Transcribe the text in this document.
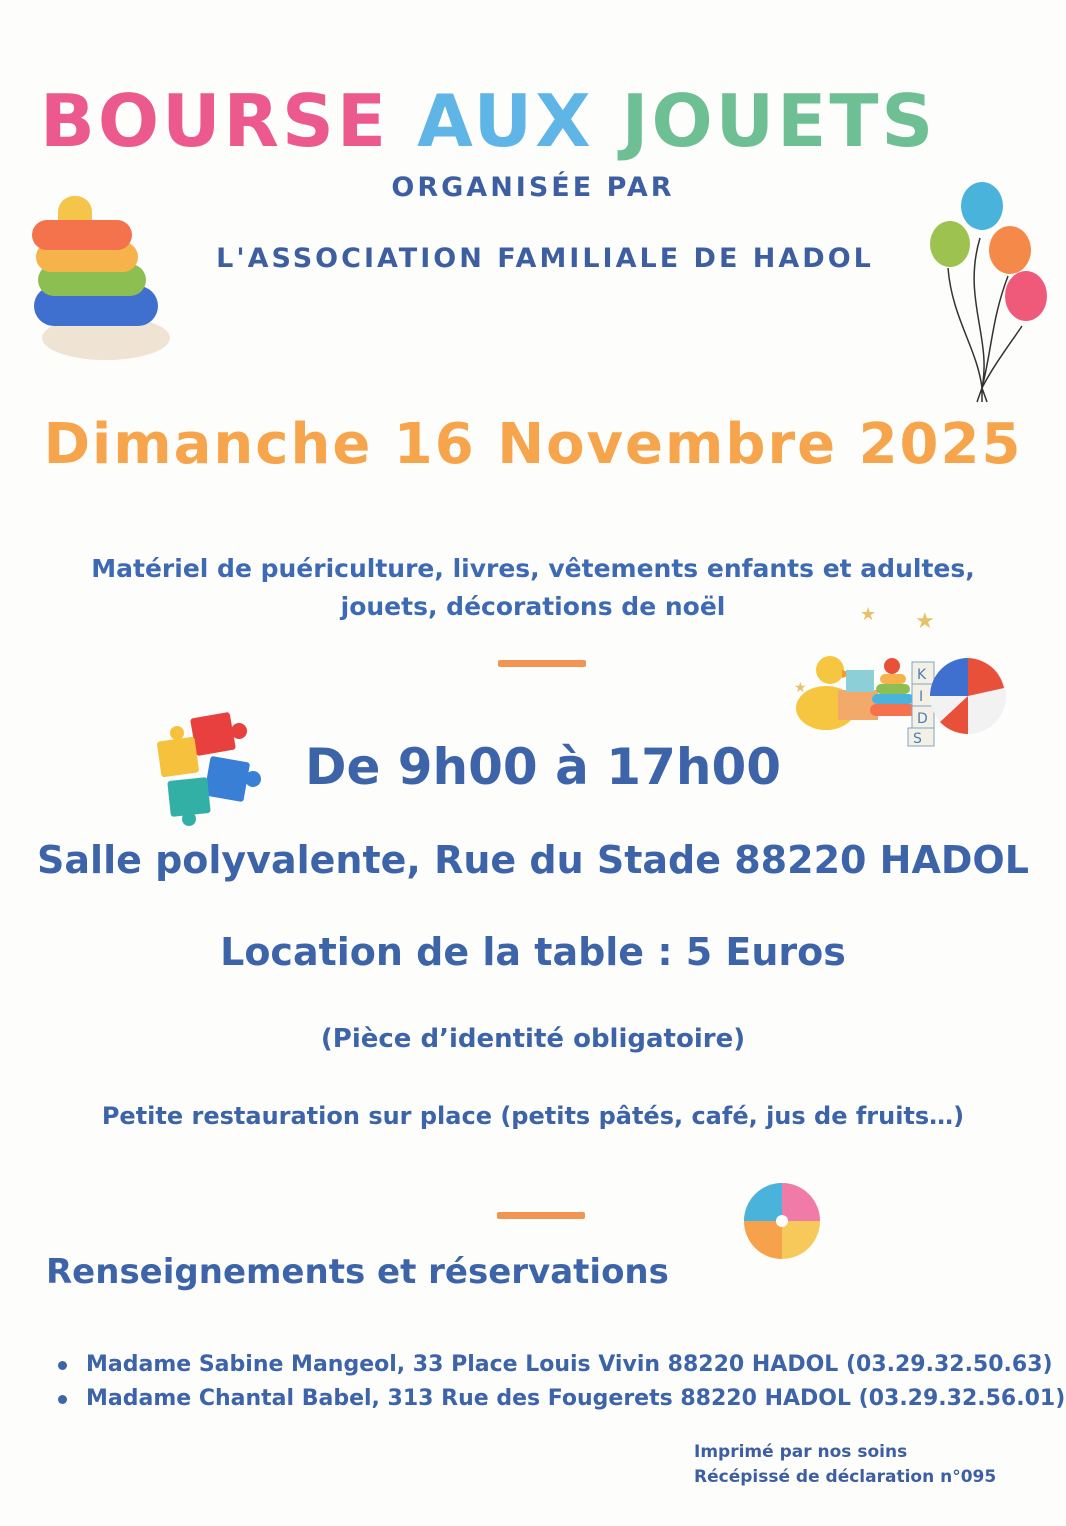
BOURSE AUX JOUETS
ORGANISÉE PAR
L'ASSOCIATION FAMILIALE DE HADOL
Dimanche 16 Novembre 2025
Matériel de puériculture, livres, vêtements enfants et adultes,
jouets, décorations de noël	★ ★
★
K
I
D
S
De 9h00 à 17h00
Salle polyvalente, Rue du Stade 88220 HADOL
Location de la table : 5 Euros
(Pièce d’identité obligatoire)
Petite restauration sur place (petits pâtés, café, jus de fruits…)
Renseignements et réservations
Madame Sabine Mangeol, 33 Place Louis Vivin 88220 HADOL (03.29.32.50.63)
Madame Chantal Babel, 313 Rue des Fougerets 88220 HADOL (03.29.32.56.01)
Imprimé par nos soins
Récépissé de déclaration n°095
